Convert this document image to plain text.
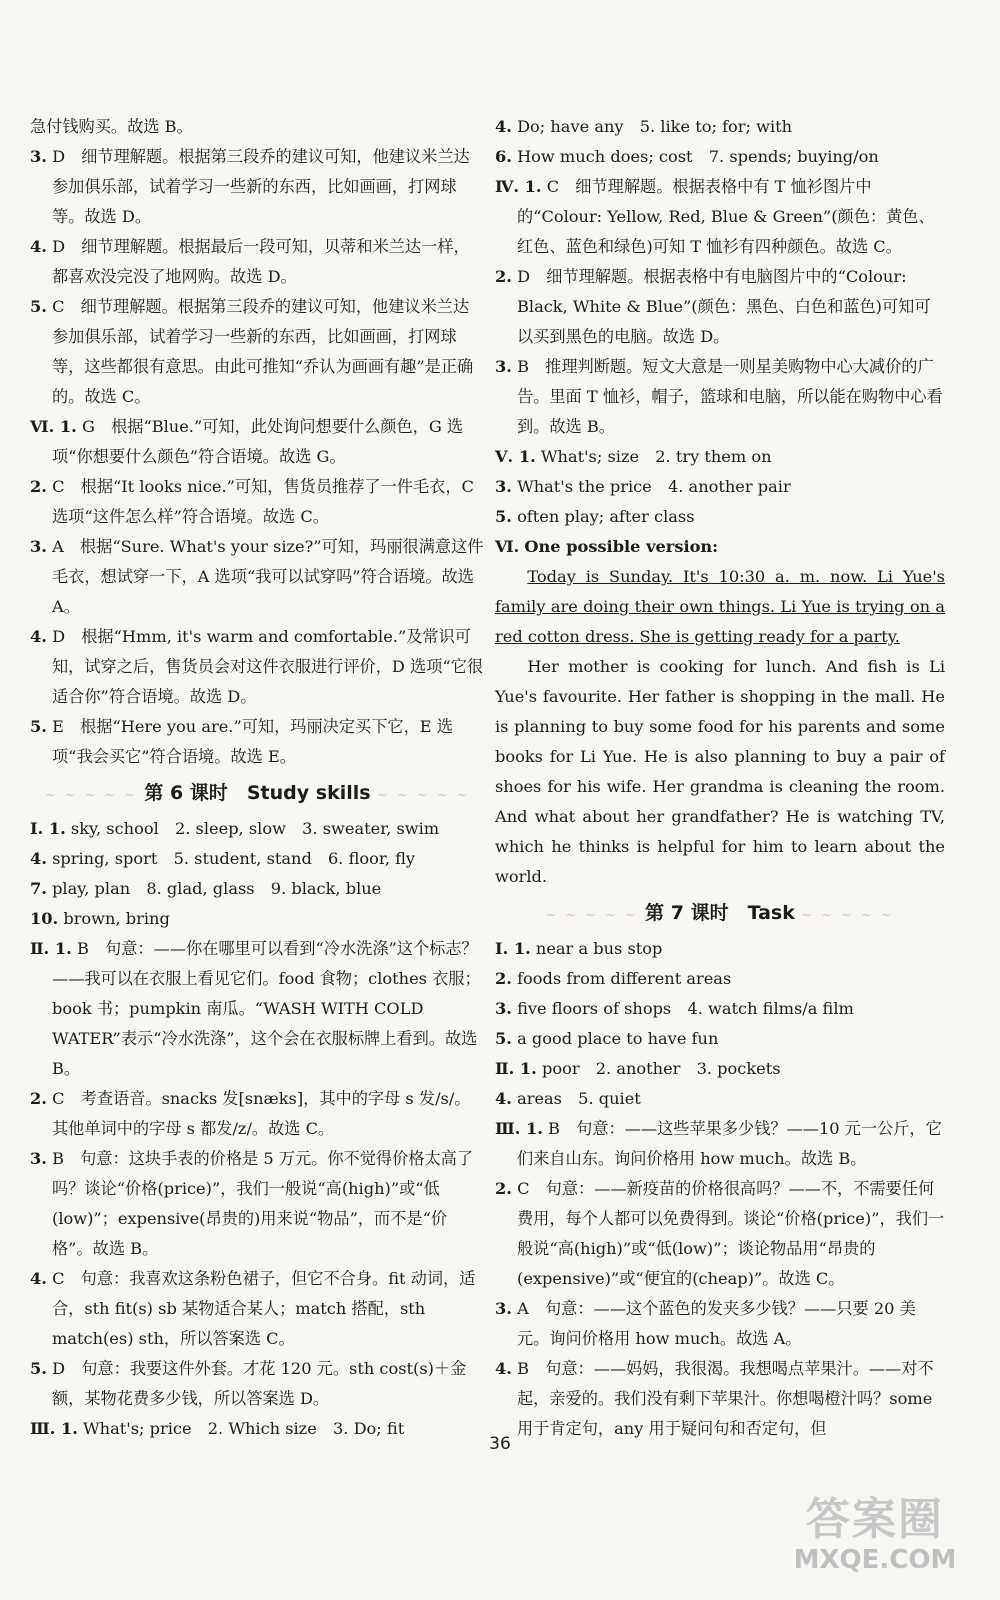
急付钱购买。故选 B。

3. D　细节理解题。根据第三段乔的建议可知，他建议米兰达参加俱乐部，试着学习一些新的东西，比如画画，打网球等。故选 D。

4. D　细节理解题。根据最后一段可知，贝蒂和米兰达一样，都喜欢没完没了地网购。故选 D。

5. C　细节理解题。根据第三段乔的建议可知，他建议米兰达参加俱乐部，试着学习一些新的东西，比如画画，打网球等，这些都很有意思。由此可推知“乔认为画画有趣”是正确的。故选 C。

Ⅵ. 1. G　根据“Blue.”可知，此处询问想要什么颜色，G 选项“你想要什么颜色”符合语境。故选 G。

2. C　根据“It looks nice.”可知，售货员推荐了一件毛衣，C 选项“这件怎么样”符合语境。故选 C。

3. A　根据“Sure. What's your size?”可知，玛丽很满意这件毛衣，想试穿一下，A 选项“我可以试穿吗”符合语境。故选 A。

4. D　根据“Hmm, it's warm and comfortable.”及常识可知，试穿之后，售货员会对这件衣服进行评价，D 选项“它很适合你”符合语境。故选 D。

5. E　根据“Here you are.”可知，玛丽决定买下它，E 选项“我会买它”符合语境。故选 E。

~ ~ ~ ~ ~ 第 6 课时　Study skills ~ ~ ~ ~ ~

Ⅰ. 1. sky, school　2. sleep, slow　3. sweater, swim

4. spring, sport　5. student, stand　6. floor, fly

7. play, plan　8. glad, glass　9. black, blue

10. brown, bring

Ⅱ. 1. B　句意：——你在哪里可以看到“冷水洗涤”这个标志？——我可以在衣服上看见它们。food 食物；clothes 衣服；book 书；pumpkin 南瓜。“WASH WITH COLD WATER”表示“冷水洗涤”，这个会在衣服标牌上看到。故选 B。

2. C　考查语音。snacks 发[snæks]，其中的字母 s 发/s/。其他单词中的字母 s 都发/z/。故选 C。

3. B　句意：这块手表的价格是 5 万元。你不觉得价格太高了吗？谈论“价格(price)”，我们一般说“高(high)”或“低(low)”；expensive(昂贵的)用来说“物品”，而不是“价格”。故选 B。

4. C　句意：我喜欢这条粉色裙子，但它不合身。fit 动词，适合，sth fit(s) sb 某物适合某人；match 搭配，sth match(es) sth，所以答案选 C。

5. D　句意：我要这件外套。才花 120 元。sth cost(s)＋金额，某物花费多少钱，所以答案选 D。

Ⅲ. 1. What's; price　2. Which size　3. Do; fit

4. Do; have any　5. like to; for; with

6. How much does; cost　7. spends; buying/on

Ⅳ. 1. C　细节理解题。根据表格中有 T 恤衫图片中的“Colour: Yellow, Red, Blue & Green”(颜色：黄色、红色、蓝色和绿色)可知 T 恤衫有四种颜色。故选 C。

2. D　细节理解题。根据表格中有电脑图片中的“Colour: Black, White & Blue”(颜色：黑色、白色和蓝色)可知可以买到黑色的电脑。故选 D。

3. B　推理判断题。短文大意是一则星美购物中心大减价的广告。里面 T 恤衫，帽子，篮球和电脑，所以能在购物中心看到。故选 B。

Ⅴ. 1. What's; size　2. try them on

3. What's the price　4. another pair

5. often play; after class

Ⅵ. One possible version:

Today is Sunday. It's 10:30 a. m. now. Li Yue's family are doing their own things. Li Yue is trying on a red cotton dress. She is getting ready for a party.

Her mother is cooking for lunch. And fish is Li Yue's favourite. Her father is shopping in the mall. He is planning to buy some food for his parents and some books for Li Yue. He is also planning to buy a pair of shoes for his wife. Her grandma is cleaning the room. And what about her grandfather? He is watching TV, which he thinks is helpful for him to learn about the world.

~ ~ ~ ~ ~ 第 7 课时　Task ~ ~ ~ ~ ~

Ⅰ. 1. near a bus stop

2. foods from different areas

3. five floors of shops　4. watch films/a film

5. a good place to have fun

Ⅱ. 1. poor　2. another　3. pockets

4. areas　5. quiet

Ⅲ. 1. B　句意：——这些苹果多少钱？——10 元一公斤，它们来自山东。询问价格用 how much。故选 B。

2. C　句意：——新疫苗的价格很高吗？——不，不需要任何费用，每个人都可以免费得到。谈论“价格(price)”，我们一般说“高(high)”或“低(low)”；谈论物品用“昂贵的(expensive)”或“便宜的(cheap)”。故选 C。

3. A　句意：——这个蓝色的发夹多少钱？——只要 20 美元。询问价格用 how much。故选 A。

4. B　句意：——妈妈，我很渴。我想喝点苹果汁。——对不起，亲爱的。我们没有剩下苹果汁。你想喝橙汁吗？some 用于肯定句，any 用于疑问句和否定句，但

36
答案圈
MXQE.COM
